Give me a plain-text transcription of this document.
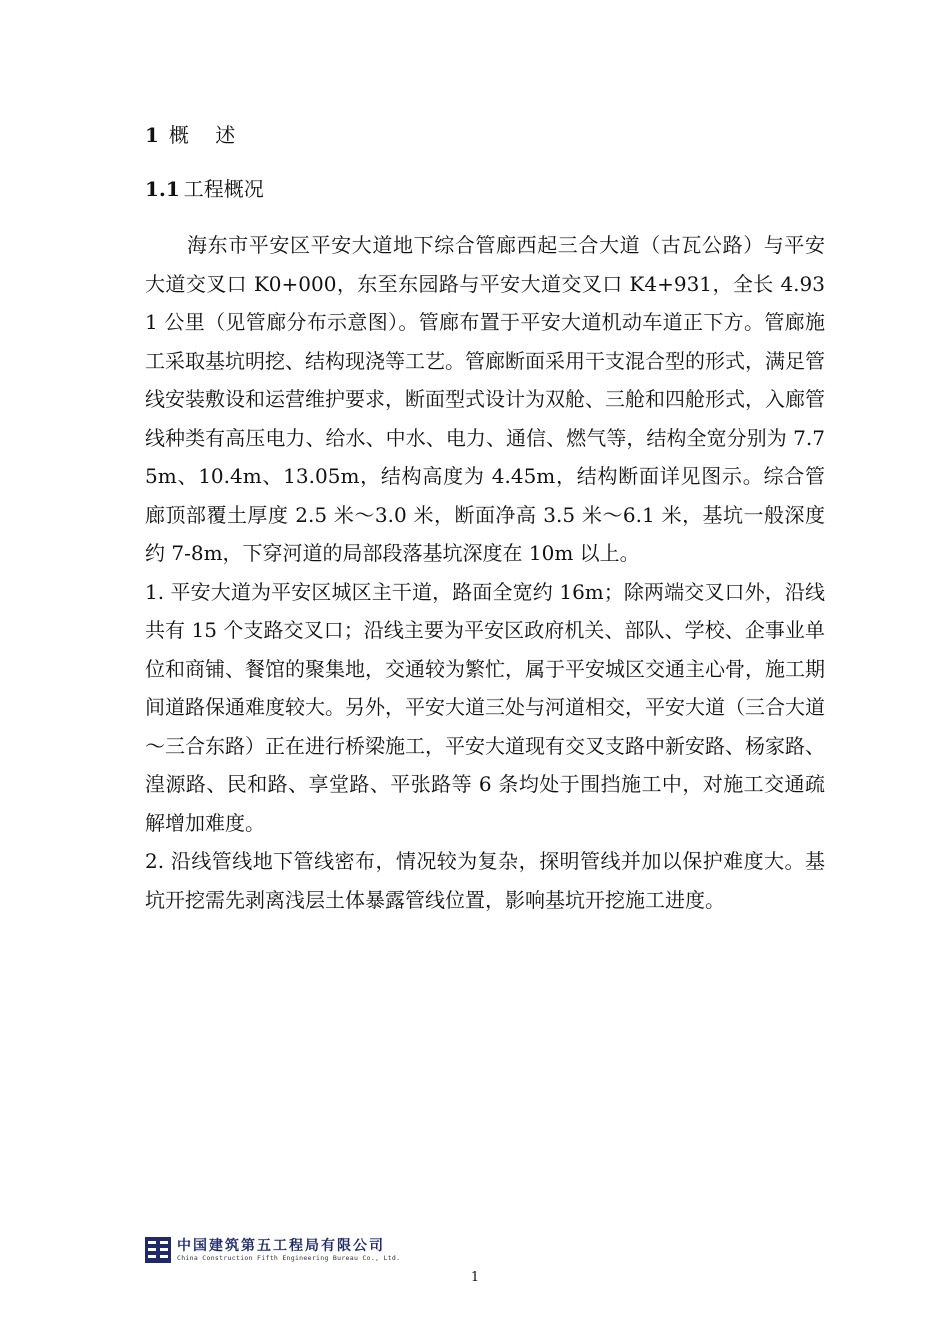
1 概 述
1.1 工程概况

海东市平安区平安大道地下综合管廊西起三合大道（古瓦公路）与平安大道交叉口 K0+000，东至东园路与平安大道交叉口 K4+931，全长 4.931 公里（见管廊分布示意图）。管廊布置于平安大道机动车道正下方。管廊施工采取基坑明挖、结构现浇等工艺。管廊断面采用干支混合型的形式，满足管线安装敷设和运营维护要求，断面型式设计为双舱、三舱和四舱形式，入廊管线种类有高压电力、给水、中水、电力、通信、燃气等，结构全宽分别为 7.75m、10.4m、13.05m，结构高度为 4.45m，结构断面详见图示。综合管廊顶部覆土厚度 2.5 米～3.0 米，断面净高 3.5 米～6.1 米，基坑一般深度约 7-8m，下穿河道的局部段落基坑深度在 10m 以上。

1. 平安大道为平安区城区主干道，路面全宽约 16m；除两端交叉口外，沿线共有 15 个支路交叉口；沿线主要为平安区政府机关、部队、学校、企事业单位和商铺、餐馆的聚集地，交通较为繁忙，属于平安城区交通主心骨，施工期间道路保通难度较大。另外，平安大道三处与河道相交，平安大道（三合大道～三合东路）正在进行桥梁施工，平安大道现有交叉支路中新安路、杨家路、湟源路、民和路、享堂路、平张路等 6 条均处于围挡施工中，对施工交通疏解增加难度。

2. 沿线管线地下管线密布，情况较为复杂，探明管线并加以保护难度大。基坑开挖需先剥离浅层土体暴露管线位置，影响基坑开挖施工进度。

中国建筑第五工程局有限公司
China Construction Fifth Engineering Bureau Co., Ltd.
1
